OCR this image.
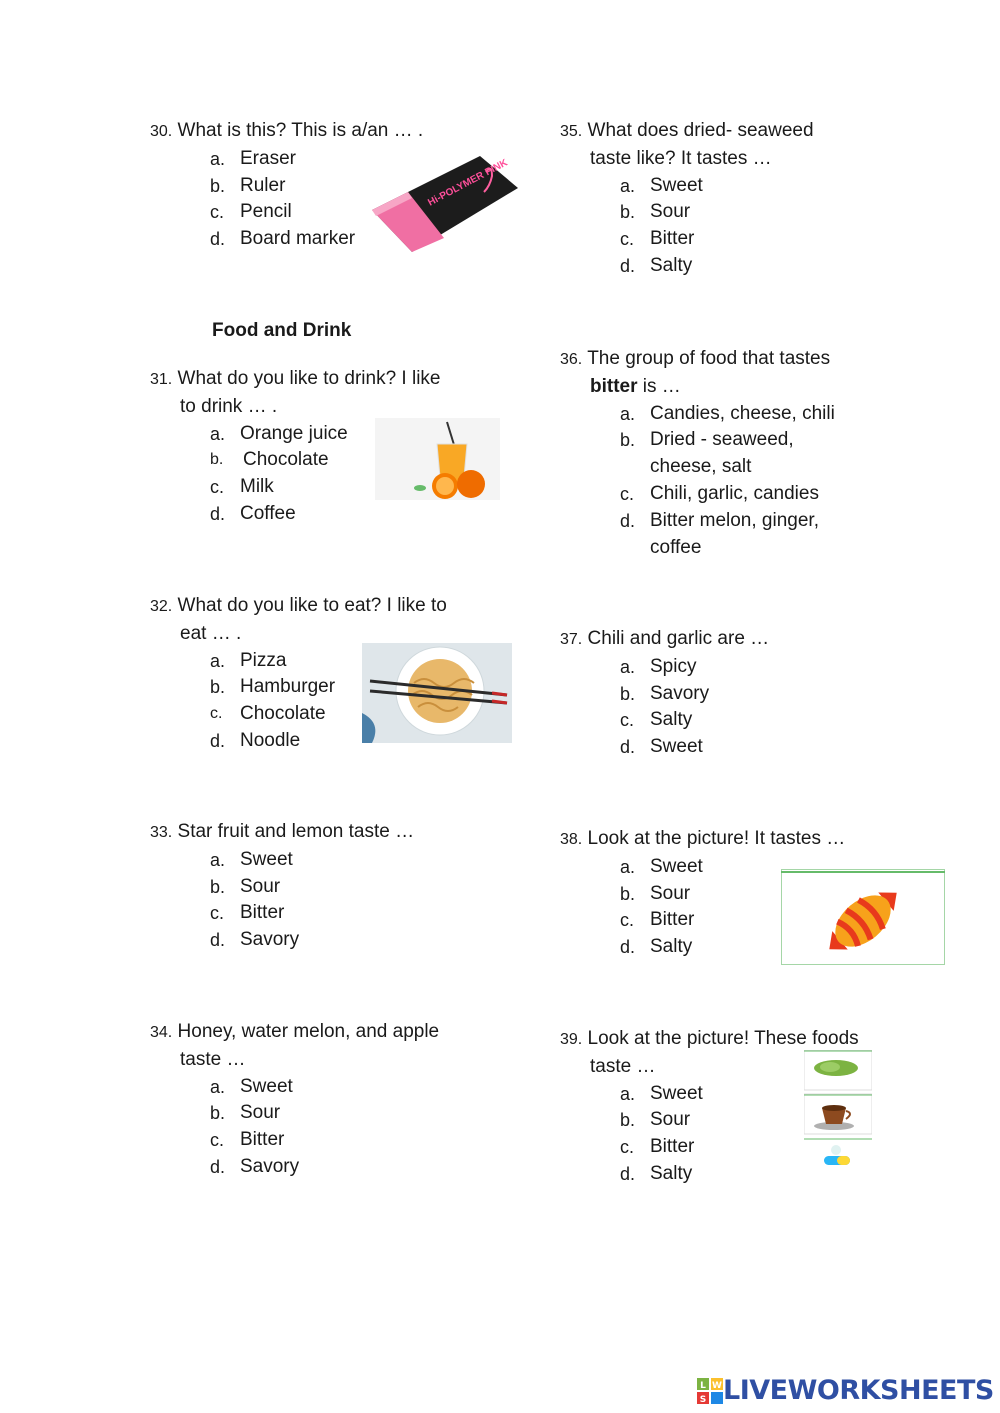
30. What is this? This is a/an … .
a. Eraser
b. Ruler
c. Pencil
d. Board marker
Hi-POLYMER PINK
Food and Drink
31. What do you like to drink? I like
to drink … .
a. Orange juice
b.	Chocolate
c. Milk
d. Coffee
32. What do you like to eat? I like to
eat … .
a. Pizza
b. Hamburger
c. Chocolate
d. Noodle
33. Star fruit and lemon taste …
a. Sweet
b. Sour
c. Bitter
d. Savory
34. Honey, water melon, and apple
taste …
a. Sweet
b. Sour
c. Bitter
d. Savory
35. What does dried- seaweed
taste like? It tastes …
a. Sweet
b. Sour
c. Bitter
d. Salty
36. The group of food that tastes
bitter is …
a. Candies, cheese, chili
b. Dried - seaweed,
cheese, salt
c. Chili, garlic, candies
d. Bitter melon, ginger,
coffee
37. Chili and garlic are …
a. Spicy
b. Savory
c. Salty
d. Sweet
38. Look at the picture! It tastes …
a. Sweet
b. Sour
c. Bitter
d. Salty
39. Look at the picture! These foods
taste …
a. Sweet
b. Sour
c. Bitter
d. Salty
L W
S LIVEWORKSHEETS
